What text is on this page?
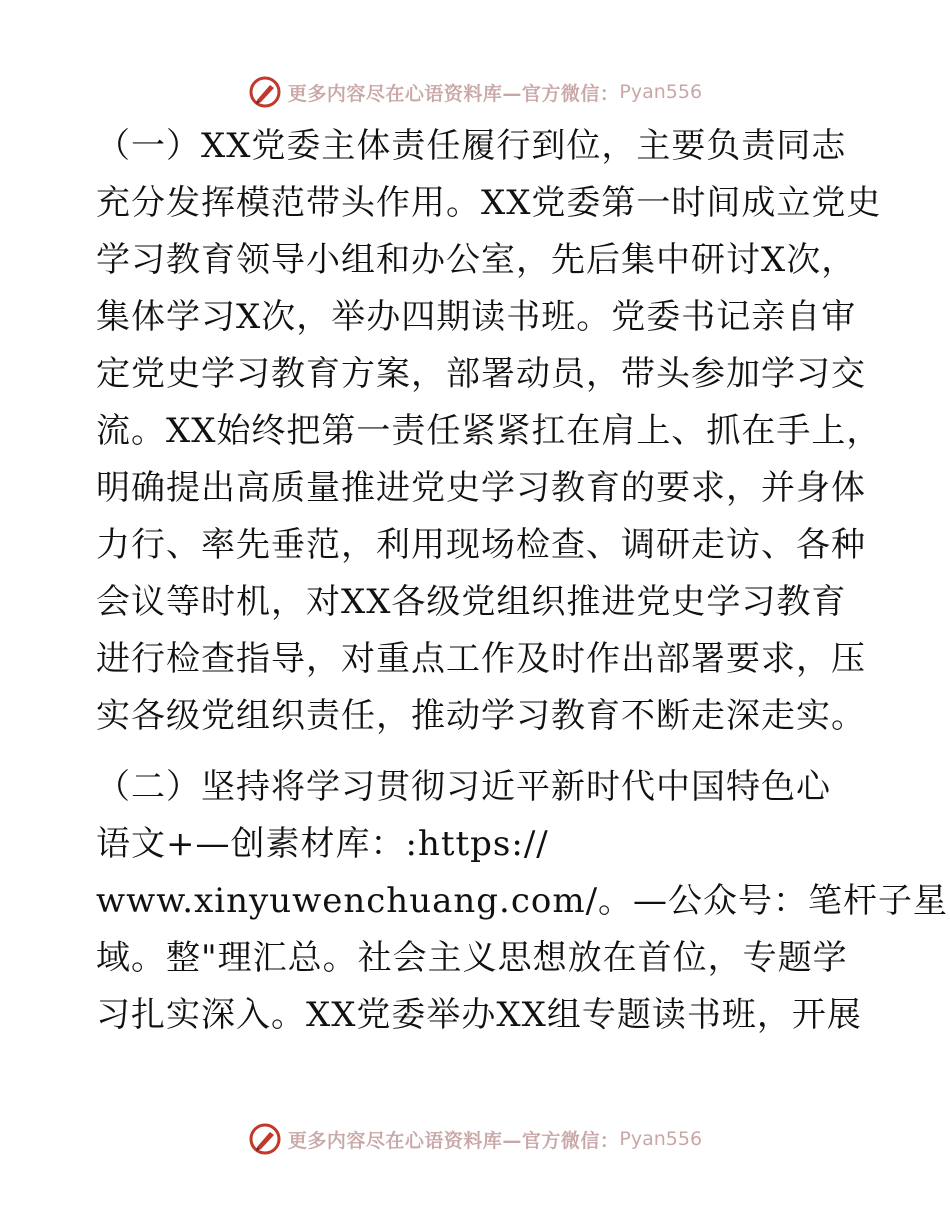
更多内容尽在心语资料库—官方微信： Pyan556

（一）XX党委主体责任履行到位，主要负责同志
充分发挥模范带头作用。XX党委第一时间成立党史
学习教育领导小组和办公室，先后集中研讨X次，
集体学习X次，举办四期读书班。党委书记亲自审
定党史学习教育方案，部署动员，带头参加学习交
流。XX始终把第一责任紧紧扛在肩上、抓在手上，
明确提出高质量推进党史学习教育的要求，并身体
力行、率先垂范，利用现场检查、调研走访、各种
会议等时机，对XX各级党组织推进党史学习教育
进行检查指导，对重点工作及时作出部署要求，压
实各级党组织责任，推动学习教育不断走深走实。

（二）坚持将学习贯彻习近平新时代中国特色心
语文+—创素材库：:https://
www.xinyuwenchuang.com/。—公众号：笔杆子星
域。整"理汇总。社会主义思想放在首位，专题学
习扎实深入。XX党委举办XX组专题读书班，开展

更多内容尽在心语资料库—官方微信： Pyan556
